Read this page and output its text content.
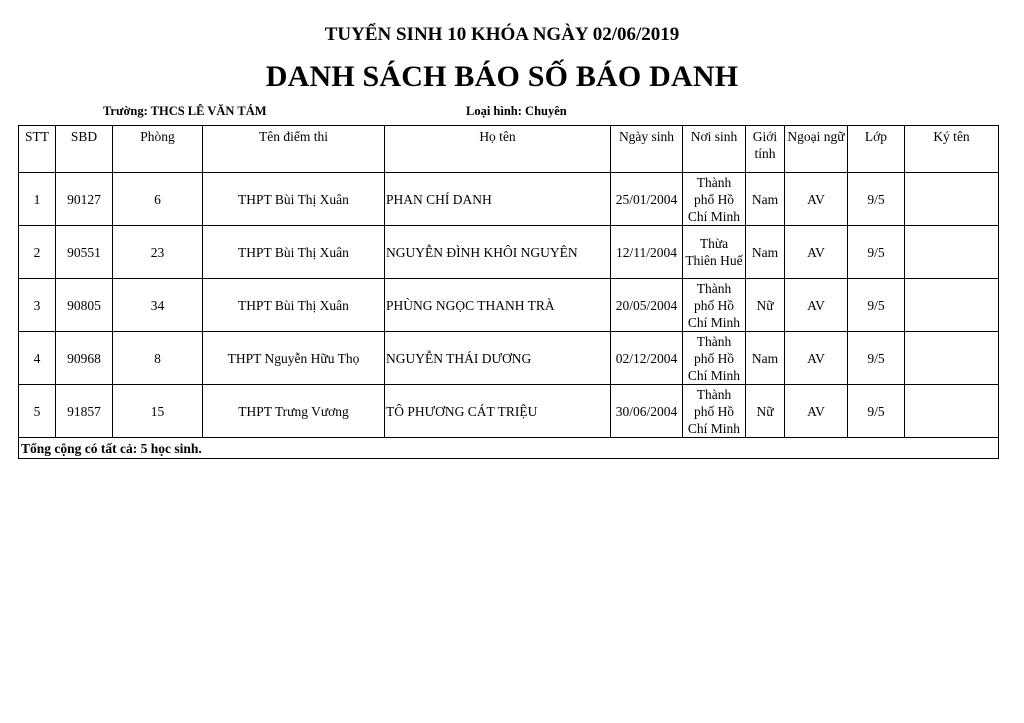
TUYỂN SINH 10 KHÓA NGÀY 02/06/2019
DANH SÁCH BÁO SỐ BÁO DANH
Trường: THCS LÊ VĂN TÁM	Loại hình: Chuyên
STT	SBD	Phòng	Tên điểm thi	Họ tên	Ngày sinh	Nơi sinh	Giới tính	Ngoại ngữ	Lớp	Ký tên
1	90127	6	THPT Bùi Thị Xuân	PHAN CHÍ DANH	25/01/2004	Thành phố Hồ Chí Minh	Nam	AV	9/5	
2	90551	23	THPT Bùi Thị Xuân	NGUYỄN ĐÌNH KHÔI NGUYÊN	12/11/2004	Thừa Thiên Huế	Nam	AV	9/5	
3	90805	34	THPT Bùi Thị Xuân	PHÙNG NGỌC THANH TRÀ	20/05/2004	Thành phố Hồ Chí Minh	Nữ	AV	9/5	
4	90968	8	THPT Nguyễn Hữu Thọ	NGUYỄN THÁI DƯƠNG	02/12/2004	Thành phố Hồ Chí Minh	Nam	AV	9/5	
5	91857	15	THPT Trưng Vương	TÔ PHƯƠNG CÁT TRIỆU	30/06/2004	Thành phố Hồ Chí Minh	Nữ	AV	9/5	
Tổng cộng có tất cả: 5 học sinh.										
